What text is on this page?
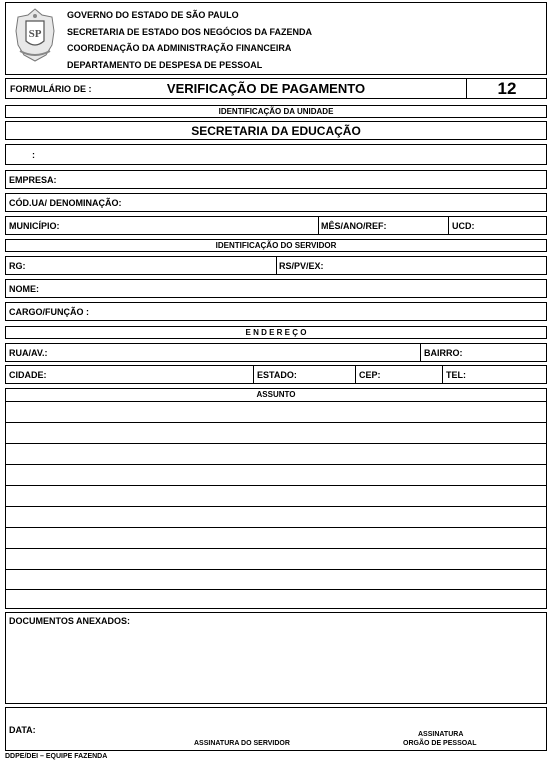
SP
GOVERNO DO ESTADO DE SÃO PAULO
SECRETARIA DE ESTADO DOS NEGÓCIOS DA FAZENDA
COORDENAÇÃO DA ADMINISTRAÇÃO FINANCEIRA
DEPARTAMENTO DE DESPESA DE PESSOAL
FORMULÁRIO DE :	VERIFICAÇÃO DE PAGAMENTO	12
IDENTIFICAÇÃO DA UNIDADE
SECRETARIA DA EDUCAÇÃO
:
EMPRESA:
CÓD.UA/ DENOMINAÇÃO:
MUNICÍPIO:	MÊS/ANO/REF:	UCD:
IDENTIFICAÇÃO DO SERVIDOR
RG:	RS/PV/EX:
NOME:
CARGO/FUNÇÃO :
E N D E R E Ç O
RUA/AV.:	BAIRRO:
CIDADE:	ESTADO:	CEP:	TEL:
ASSUNTO
DOCUMENTOS ANEXADOS:
DATA:
ASSINATURA DO SERVIDOR
ASSINATURA
ORGÃO DE PESSOAL
DDPE/DEI – EQUIPE FAZENDA
